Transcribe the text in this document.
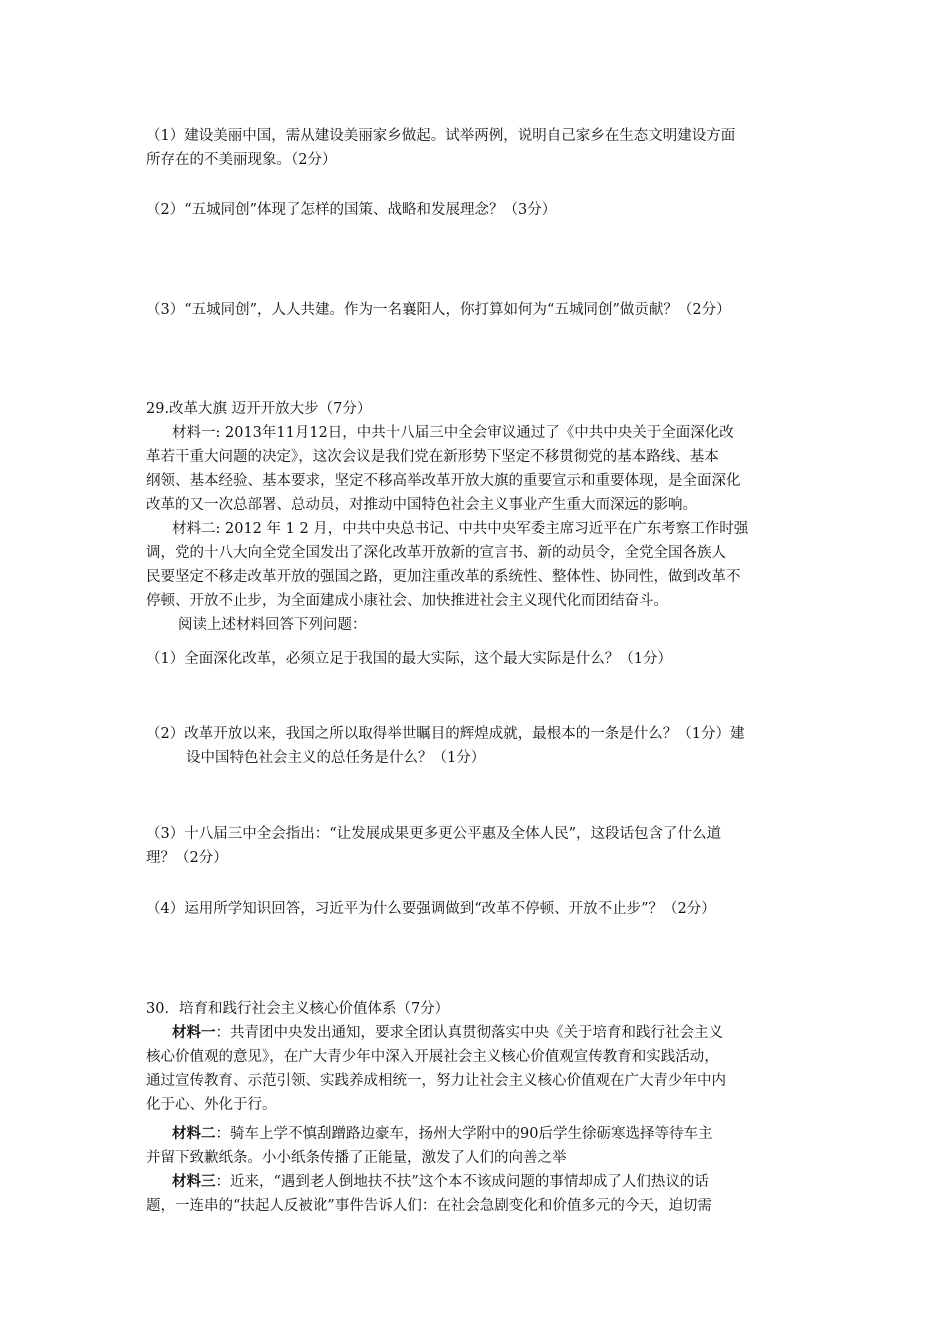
（1）建设美丽中国，需从建设美丽家乡做起。试举两例，说明自己家乡在生态文明建设方面
所存在的不美丽现象。（2分）
（2）“五城同创”体现了怎样的国策、战略和发展理念？（3分）
（3）“五城同创”，人人共建。作为一名襄阳人，你打算如何为“五城同创”做贡献？（2分）
29.改革大旗 迈开开放大步（7分）
材料一: 2013年11月12日，中共十八届三中全会审议通过了《中共中央关于全面深化改
革若干重大问题的决定》，这次会议是我们党在新形势下坚定不移贯彻党的基本路线、基本
纲领、基本经验、基本要求，坚定不移高举改革开放大旗的重要宣示和重要体现，是全面深化
改革的又一次总部署、总动员，对推动中国特色社会主义事业产生重大而深远的影响。
材料二: 2012 年 1 2 月，中共中央总书记、中共中央军委主席习近平在广东考察工作时强
调，党的十八大向全党全国发出了深化改革开放新的宣言书、新的动员令，全党全国各族人
民要坚定不移走改革开放的强国之路，更加注重改革的系统性、整体性、协同性，做到改革不
停顿、开放不止步，为全面建成小康社会、加快推进社会主义现代化而团结奋斗。
阅读上述材料回答下列问题：
（1）全面深化改革，必须立足于我国的最大实际，这个最大实际是什么？（1分）
（2）改革开放以来，我国之所以取得举世瞩目的辉煌成就，最根本的一条是什么？（1分）建
设中国特色社会主义的总任务是什么？（1分）
（3）十八届三中全会指出：“让发展成果更多更公平惠及全体人民”，这段话包含了什么道
理？（2分）
（4）运用所学知识回答，习近平为什么要强调做到“改革不停顿、开放不止步”？（2分）
30．培育和践行社会主义核心价值体系（7分）
材料一：共青团中央发出通知，要求全团认真贯彻落实中央《关于培育和践行社会主义
核心价值观的意见》，在广大青少年中深入开展社会主义核心价值观宣传教育和实践活动，
通过宣传教育、示范引领、实践养成相统一，努力让社会主义核心价值观在广大青少年中内
化于心、外化于行。
材料二：骑车上学不慎刮蹭路边豪车，扬州大学附中的90后学生徐砺寒选择等待车主
并留下致歉纸条。小小纸条传播了正能量，激发了人们的向善之举
材料三：近来，“遇到老人倒地扶不扶”这个本不该成问题的事情却成了人们热议的话
题，一连串的“扶起人反被讹”事件告诉人们：在社会急剧变化和价值多元的今天，迫切需
